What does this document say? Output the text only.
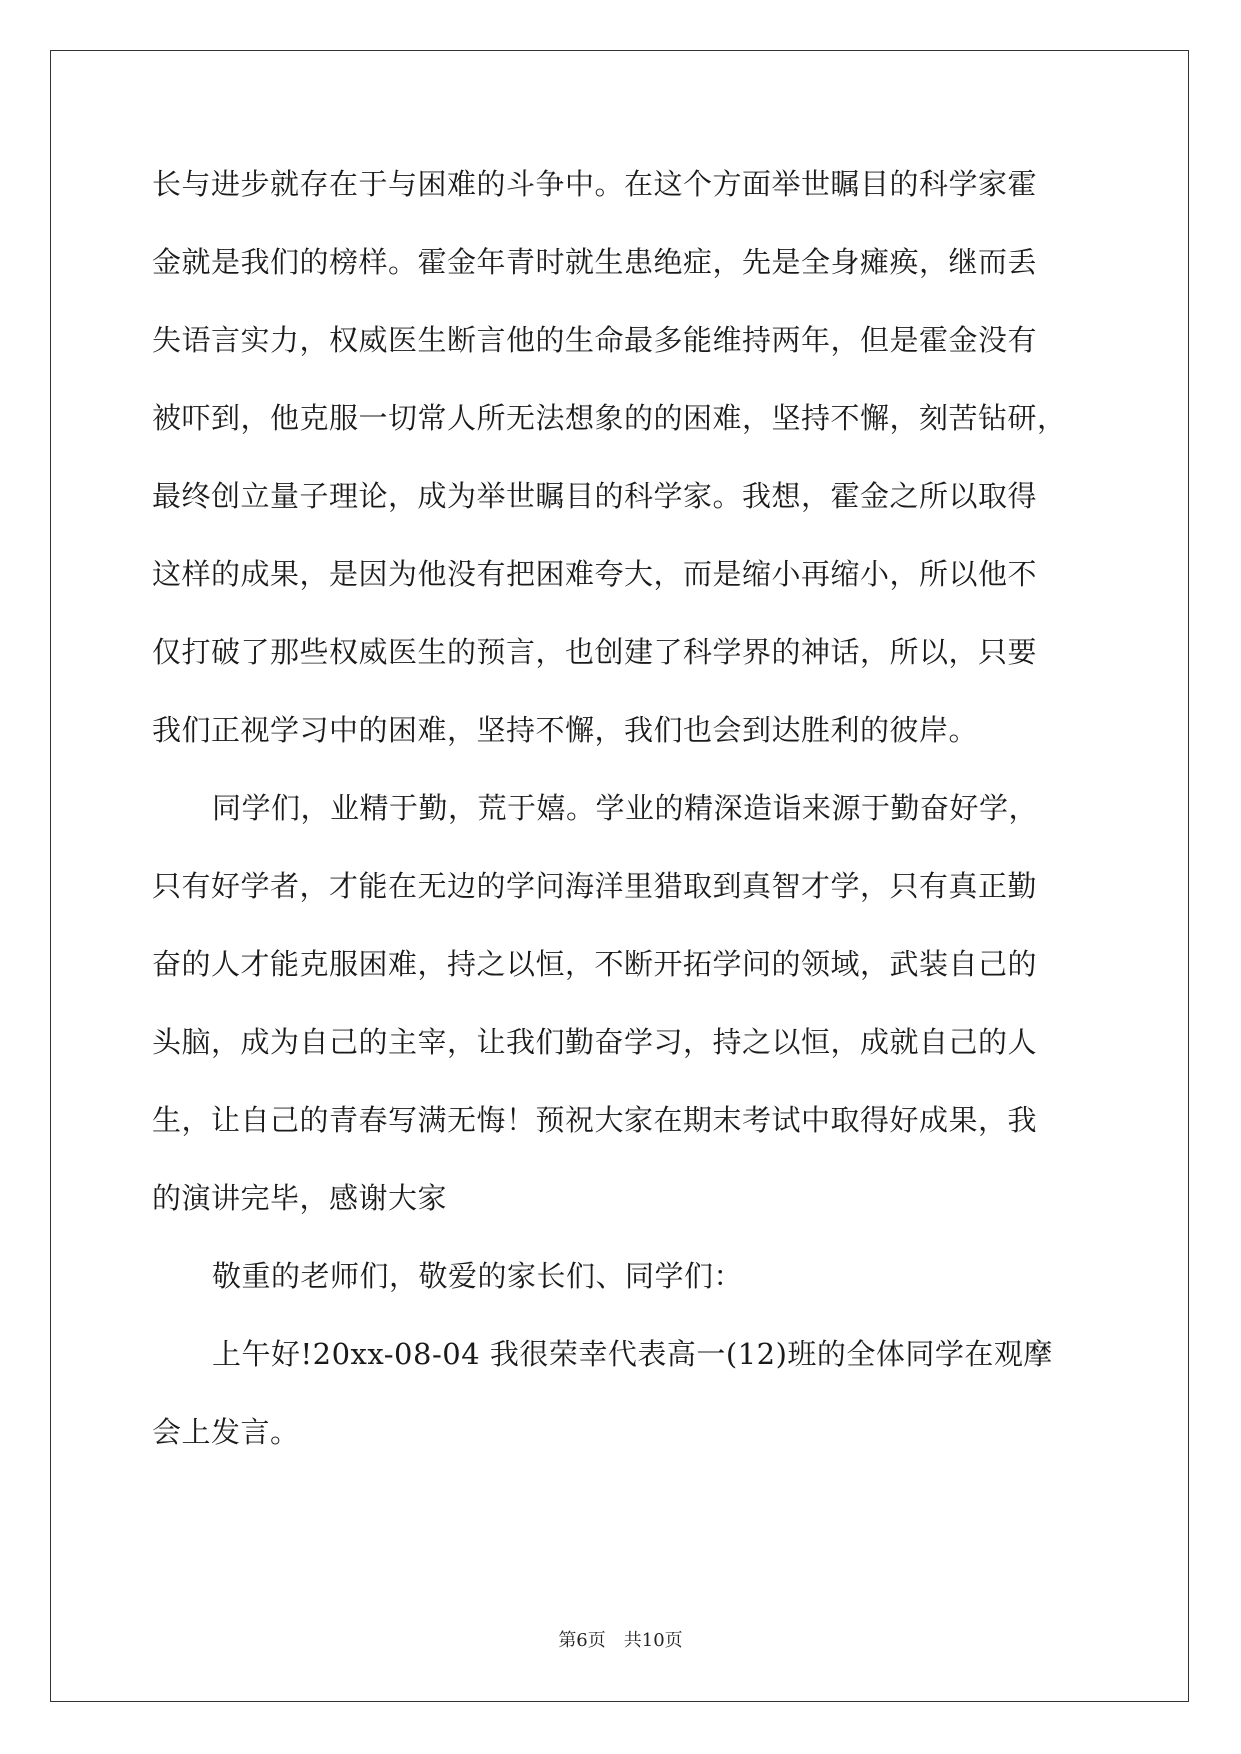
长与进步就存在于与困难的斗争中。在这个方面举世瞩目的科学家霍
金就是我们的榜样。霍金年青时就生患绝症，先是全身瘫痪，继而丢
失语言实力，权威医生断言他的生命最多能维持两年，但是霍金没有
被吓到，他克服一切常人所无法想象的的困难，坚持不懈，刻苦钻研，
最终创立量子理论，成为举世瞩目的科学家。我想，霍金之所以取得
这样的成果，是因为他没有把困难夸大，而是缩小再缩小，所以他不
仅打破了那些权威医生的预言，也创建了科学界的神话，所以，只要
我们正视学习中的困难，坚持不懈，我们也会到达胜利的彼岸。
同学们，业精于勤，荒于嬉。学业的精深造诣来源于勤奋好学，
只有好学者，才能在无边的学问海洋里猎取到真智才学，只有真正勤
奋的人才能克服困难，持之以恒，不断开拓学问的领域，武装自己的
头脑，成为自己的主宰，让我们勤奋学习，持之以恒，成就自己的人
生，让自己的青春写满无悔！预祝大家在期末考试中取得好成果，我
的演讲完毕，感谢大家
敬重的老师们，敬爱的家长们、同学们：
上午好!20xx-08-04 我很荣幸代表高一(12)班的全体同学在观摩
会上发言。
第6页　共10页
